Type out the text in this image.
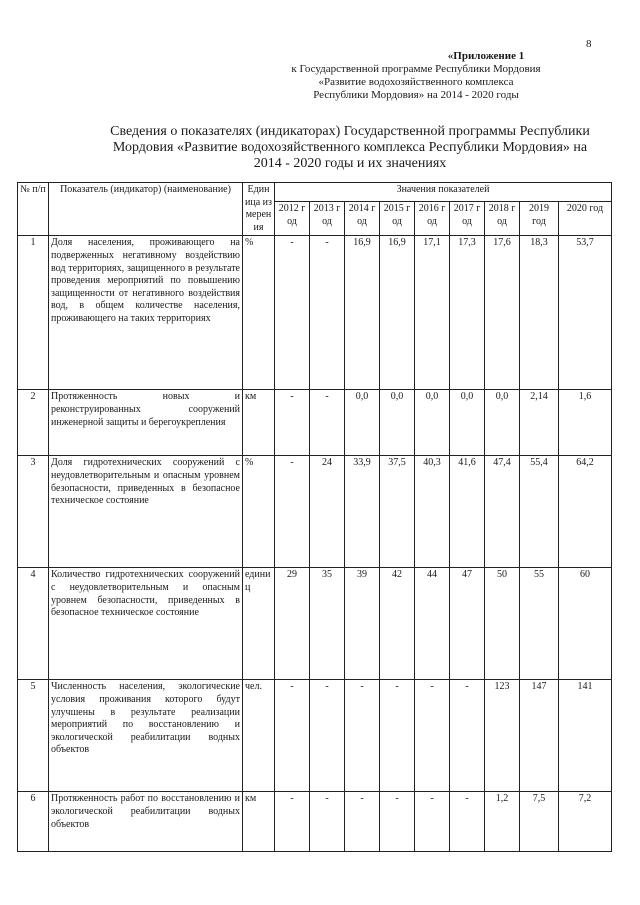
8
«Приложение 1
к Государственной программе Республики Мордовия
«Развитие водохозяйственного комплекса
Республики Мордовия» на 2014 - 2020 годы
Сведения о показателях (индикаторах) Государственной программы Республики Мордовия «Развитие водохозяйственного комплекса Республики Мордовия» на 2014 - 2020 годы и их значениях
№ п/п	Показатель (индикатор) (наименование)	Единица измерения	Значения показателей								
			2012 год	2013 год	2014 год	2015 год	2016 год	2017 год	2018 год	2019 год	2020 год
1	Доля населения, проживающего на подверженных негативному воздействию вод территориях, защищенного в результате проведения мероприятий по повышению защищенности от негативного воздействия вод, в общем количестве населения, проживающего на таких территориях	%	-	-	16,9	16,9	17,1	17,3	17,6	18,3	53,7
2	Протяженность новых и реконструированных сооружений инженерной защиты и берегоукрепления	км	-	-	0,0	0,0	0,0	0,0	0,0	2,14	1,6
3	Доля гидротехнических сооружений с неудовлетворительным и опасным уровнем безопасности, приведенных в безопасное техническое состояние	%	-	24	33,9	37,5	40,3	41,6	47,4	55,4	64,2
4	Количество гидротехнических сооружений с неудовлетворительным и опасным уровнем безопасности, приведенных в безопасное техническое состояние	единиц	29	35	39	42	44	47	50	55	60
5	Численность населения, экологические условия проживания которого будут улучшены в результате реализации мероприятий по восстановлению и экологической реабилитации водных объектов	чел.	-	-	-	-	-	-	123	147	141
6	Протяженность работ по восстановлению и экологической реабилитации водных объектов	км	-	-	-	-	-	-	1,2	7,5	7,2
